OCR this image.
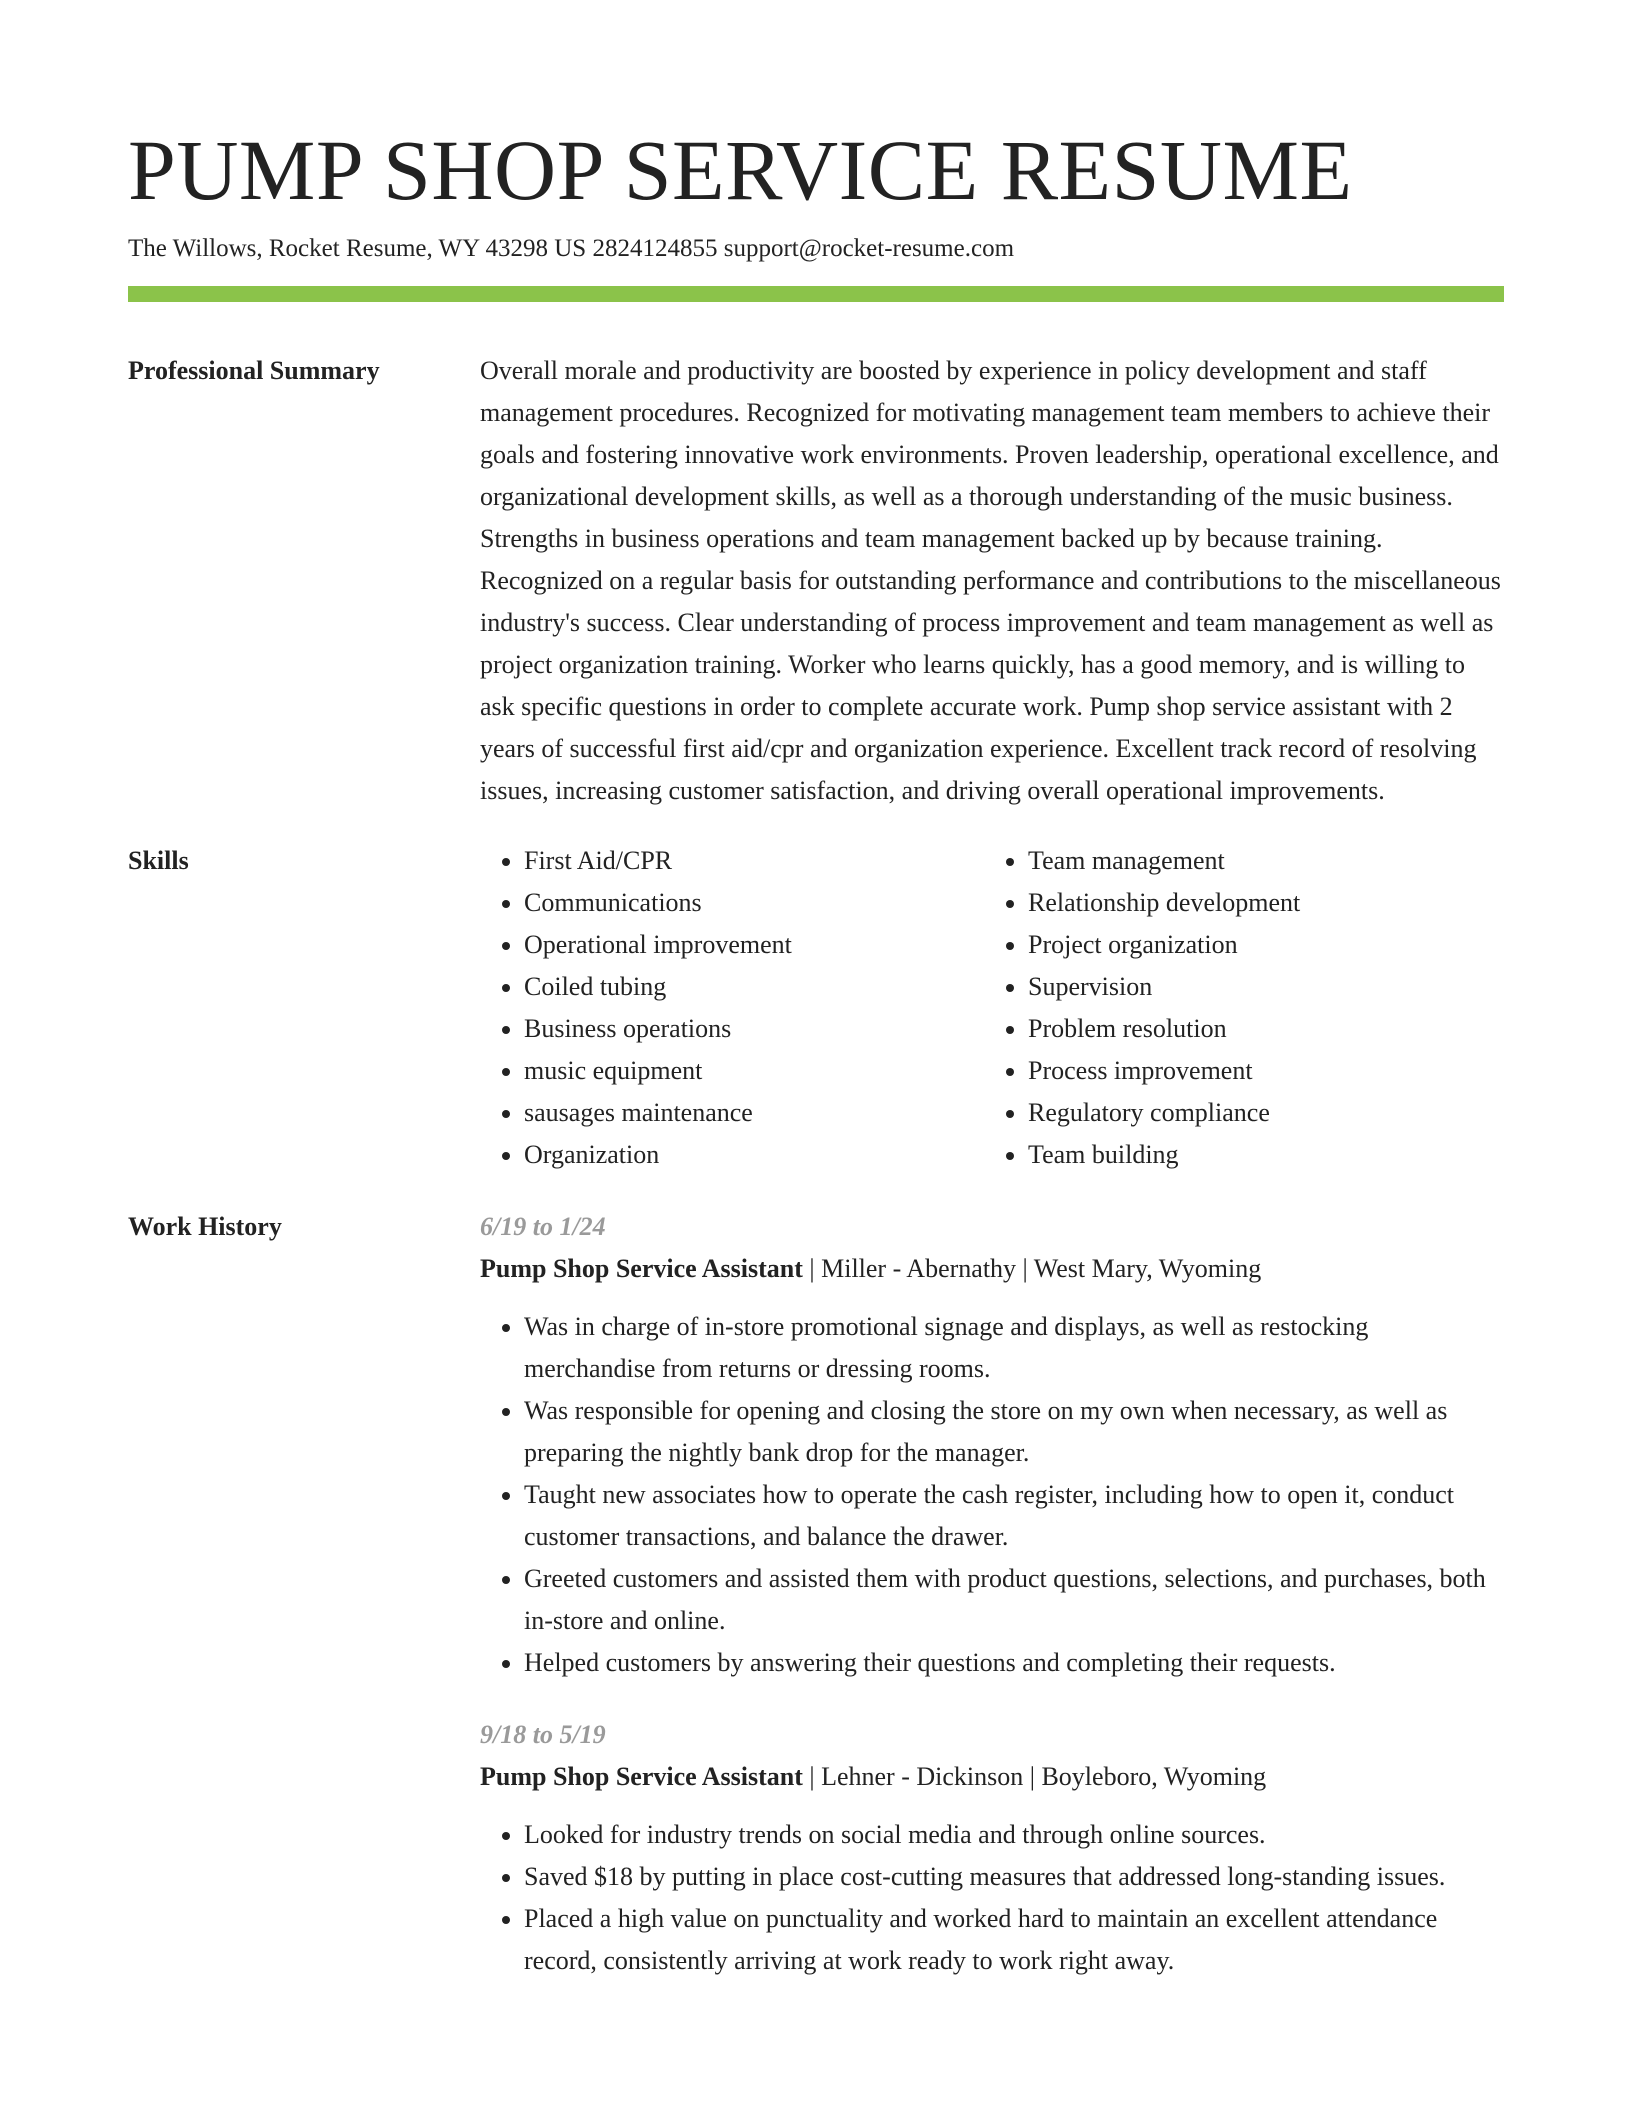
PUMP SHOP SERVICE RESUME
The Willows, Rocket Resume, WY 43298 US 2824124855 support@rocket-resume.com
Professional Summary	Overall morale and productivity are boosted by experience in policy development and staff management procedures. Recognized for motivating management team members to achieve their goals and fostering innovative work environments. Proven leadership, operational excellence, and organizational development skills, as well as a thorough understanding of the music business. Strengths in business operations and team management backed up by because training. Recognized on a regular basis for outstanding performance and contributions to the miscellaneous industry's success. Clear understanding of process improvement and team management as well as project organization training. Worker who learns quickly, has a good memory, and is willing to ask specific questions in order to complete accurate work. Pump shop service assistant with 2 years of successful first aid/cpr and organization experience. Excellent track record of resolving issues, increasing customer satisfaction, and driving overall operational improvements.

Skills
•	First Aid/CPR
• Communications
• Operational improvement
• Coiled tubing
• Business operations
• music equipment
• sausages maintenance
• Organization
• Team management
• Relationship development
• Project organization
• Supervision
• Problem resolution
• Process improvement
• Regulatory compliance
• Team building
Work History	6/19 to 1/24
Pump Shop Service Assistant | Miller - Abernathy | West Mary, Wyoming
• Was in charge of in-store promotional signage and displays, as well as restocking merchandise from returns or dressing rooms.
• Was responsible for opening and closing the store on my own when necessary, as well as preparing the nightly bank drop for the manager.
• Taught new associates how to operate the cash register, including how to open it, conduct customer transactions, and balance the drawer.
• Greeted customers and assisted them with product questions, selections, and purchases, both in-store and online.
• Helped customers by answering their questions and completing their requests.
9/18 to 5/19
Pump Shop Service Assistant | Lehner - Dickinson | Boyleboro, Wyoming
• Looked for industry trends on social media and through online sources.
• Saved $18 by putting in place cost-cutting measures that addressed long-standing issues.
• Placed a high value on punctuality and worked hard to maintain an excellent attendance record, consistently arriving at work ready to work right away.
